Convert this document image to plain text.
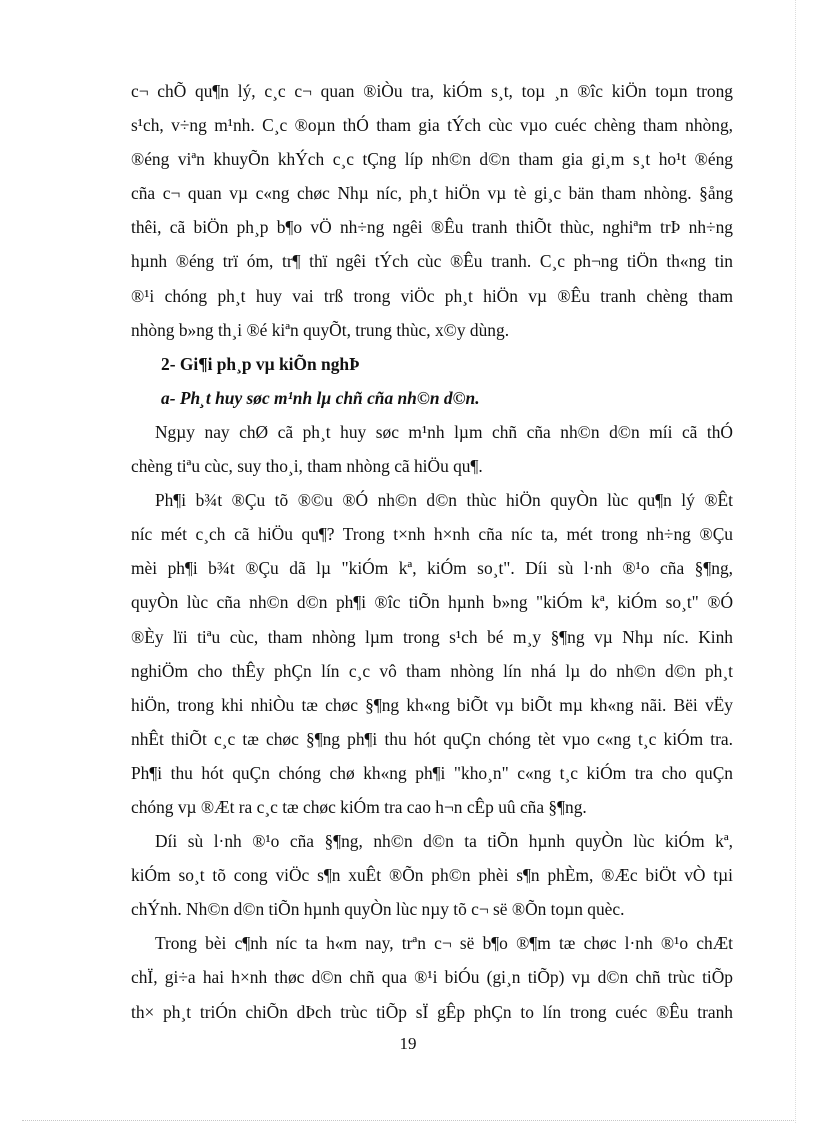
c¬ chÕ qu¶n lý, c¸c c¬ quan ®iÒu tra, kiÓm s¸t, toµ ¸n ®îc kiÖn toµn trong
s¹ch, v÷ng m¹nh. C¸c ®oµn thÓ tham gia tÝch cùc vµo cuéc chèng tham nhòng,
®éng viªn khuyÕn khÝch c¸c tÇng líp nh©n d©n tham gia gi¸m s¸t ho¹t ®éng
cña c¬ quan vµ c«ng chøc Nhµ níc, ph¸t hiÖn vµ tè gi¸c bän tham nhòng. §ång
thêi, cã biÖn ph¸p b¶o vÖ nh÷ng ngêi ®Êu tranh thiÕt thùc, nghiªm trÞ nh÷ng
hµnh ®éng trï óm, tr¶ thï ngêi tÝch cùc ®Êu tranh. C¸c ph¬ng tiÖn th«ng tin
®¹i chóng ph¸t huy vai trß trong viÖc ph¸t hiÖn vµ ®Êu tranh chèng tham
nhòng b»ng th¸i ®é kiªn quyÕt, trung thùc, x©y dùng.
2- Gi¶i ph¸p vµ kiÕn nghÞ
a- Ph¸t huy søc m¹nh lµ chñ cña nh©n d©n.
Ngµy nay chØ cã ph¸t huy søc m¹nh lµm chñ cña nh©n d©n míi cã thÓ
chèng tiªu cùc, suy tho¸i, tham nhòng cã hiÖu qu¶.
Ph¶i b¾t ®Çu tõ ®©u ®Ó nh©n d©n thùc hiÖn quyÒn lùc qu¶n lý ®Êt
níc mét c¸ch cã hiÖu qu¶? Trong t×nh h×nh cña níc ta, mét trong nh÷ng ®Çu
mèi ph¶i b¾t ®Çu dã lµ "kiÓm kª, kiÓm so¸t". Díi sù l·nh ®¹o cña §¶ng,
quyÒn lùc cña nh©n d©n ph¶i ®îc tiÕn hµnh b»ng "kiÓm kª, kiÓm so¸t" ®Ó
®Èy lïi tiªu cùc, tham nhòng lµm trong s¹ch bé m¸y §¶ng vµ Nhµ níc. Kinh
nghiÖm cho thÊy phÇn lín c¸c vô tham nhòng lín nhá lµ do nh©n d©n ph¸t
hiÖn, trong khi nhiÒu tæ chøc §¶ng kh«ng biÕt vµ biÕt mµ kh«ng nãi. Bëi vËy
nhÊt thiÕt c¸c tæ chøc §¶ng ph¶i thu hót quÇn chóng tèt vµo c«ng t¸c kiÓm tra.
Ph¶i thu hót quÇn chóng chø kh«ng ph¶i "kho¸n" c«ng t¸c kiÓm tra cho quÇn
chóng vµ ®Æt ra c¸c tæ chøc kiÓm tra cao h¬n cÊp uû cña §¶ng.
Díi sù l·nh ®¹o cña §¶ng, nh©n d©n ta tiÕn hµnh quyÒn lùc kiÓm kª,
kiÓm so¸t tõ cong viÖc s¶n xuÊt ®Õn ph©n phèi s¶n phÈm, ®Æc biÖt vÒ tµi
chÝnh. Nh©n d©n tiÕn hµnh quyÒn lùc nµy tõ c¬ së ®Õn toµn quèc.
Trong bèi c¶nh níc ta h«m nay, trªn c¬ së b¶o ®¶m tæ chøc l·nh ®¹o chÆt
chÏ, gi÷a hai h×nh thøc d©n chñ qua ®¹i biÓu (gi¸n tiÕp) vµ d©n chñ trùc tiÕp
th× ph¸t triÓn chiÕn dÞch trùc tiÕp sÏ gÊp phÇn to lín trong cuéc ®Êu tranh
19
